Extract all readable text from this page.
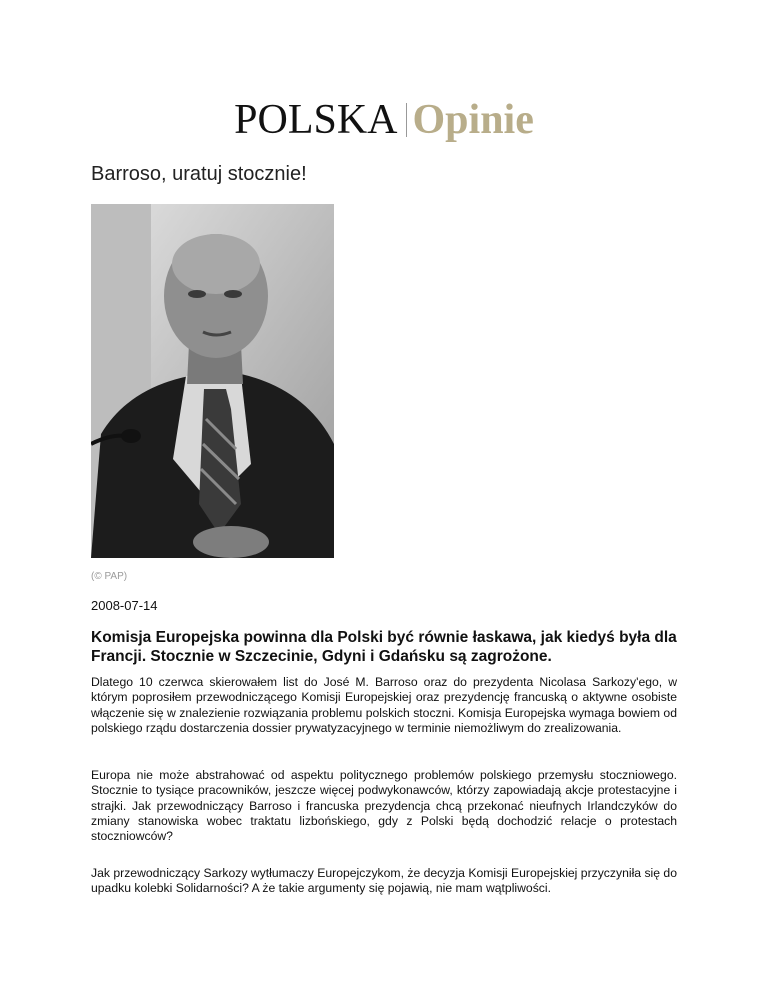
POLSKA Opinie
Barroso, uratuj stocznie!
(© PAP)
2008-07-14

Komisja Europejska powinna dla Polski być równie łaskawa, jak kiedyś była dla Francji. Stocznie w Szczecinie, Gdyni i Gdańsku są zagrożone.

Dlatego 10 czerwca skierowałem list do José M. Barroso oraz do prezydenta Nicolasa Sarkozy'ego, w którym poprosiłem przewodniczącego Komisji Europejskiej oraz prezydencję francuską o aktywne osobiste włączenie się w znalezienie rozwiązania problemu polskich stoczni. Komisja Europejska wymaga bowiem od polskiego rządu dostarczenia dossier prywatyzacyjnego w terminie niemożliwym do zrealizowania.

Europa nie może abstrahować od aspektu politycznego problemów polskiego przemysłu stoczniowego. Stocznie to tysiące pracowników, jeszcze więcej podwykonawców, którzy zapowiadają akcje protestacyjne i strajki. Jak przewodniczący Barroso i francuska prezydencja chcą przekonać nieufnych Irlandczyków do zmiany stanowiska wobec traktatu lizbońskiego, gdy z Polski będą dochodzić relacje o protestach stoczniowców?

Jak przewodniczący Sarkozy wytłumaczy Europejczykom, że decyzja Komisji Europejskiej przyczyniła się do upadku kolebki Solidarności? A że takie argumenty się pojawią, nie mam wątpliwości.
